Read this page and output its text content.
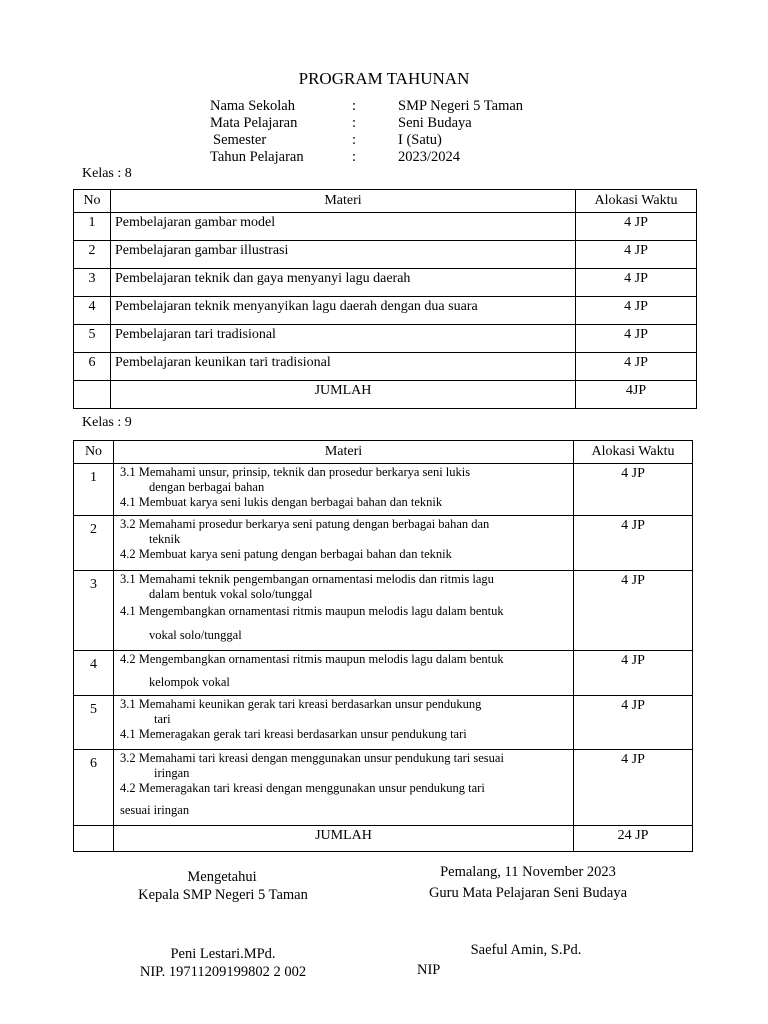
PROGRAM TAHUNAN
Nama Sekolah	:	SMP Negeri 5 Taman
Mata Pelajaran	:	Seni Budaya
Semester	:	I (Satu)
Tahun Pelajaran	:	2023/2024
Kelas : 8
No	Materi	Alokasi Waktu
1	Pembelajaran gambar model	4 JP
2	Pembelajaran gambar illustrasi	4 JP
3	Pembelajaran teknik dan gaya menyanyi lagu daerah	4 JP
4	Pembelajaran teknik menyanyikan lagu daerah dengan dua suara	4 JP
5	Pembelajaran tari tradisional	4 JP
6	Pembelajaran keunikan tari tradisional	4 JP
	JUMLAH	4JP
Kelas : 9
No	Materi	Alokasi Waktu
1	3.1 Memahami unsur, prinsip, teknik dan prosedur berkarya seni lukis
dengan berbagai bahan
4.1 Membuat karya seni lukis dengan berbagai bahan dan teknik	4 JP
2	3.2 Memahami prosedur berkarya seni patung dengan berbagai bahan dan
teknik
4.2 Membuat karya seni patung dengan berbagai bahan dan teknik	4 JP
3	3.1 Memahami teknik pengembangan ornamentasi melodis dan ritmis lagu
dalam bentuk vokal solo/tunggal
4.1 Mengembangkan ornamentasi ritmis maupun melodis lagu dalam bentuk
vokal solo/tunggal	4 JP
4	4.2 Mengembangkan ornamentasi ritmis maupun melodis lagu dalam bentuk
kelompok vokal	4 JP
5	3.1 Memahami keunikan gerak tari kreasi berdasarkan unsur pendukung
tari
4.1 Memeragakan gerak tari kreasi berdasarkan unsur pendukung tari	4 JP
6	3.2 Memahami tari kreasi dengan menggunakan unsur pendukung tari sesuai
iringan
4.2 Memeragakan tari kreasi dengan menggunakan unsur pendukung tari
sesuai iringan	4 JP
	JUMLAH	24 JP
Mengetahui
Kepala SMP Negeri 5 Taman
Peni Lestari.MPd.
NIP. 19711209199802 2 002
Pemalang, 11 November 2023
Guru Mata Pelajaran Seni Budaya
Saeful Amin, S.Pd.
NIP
